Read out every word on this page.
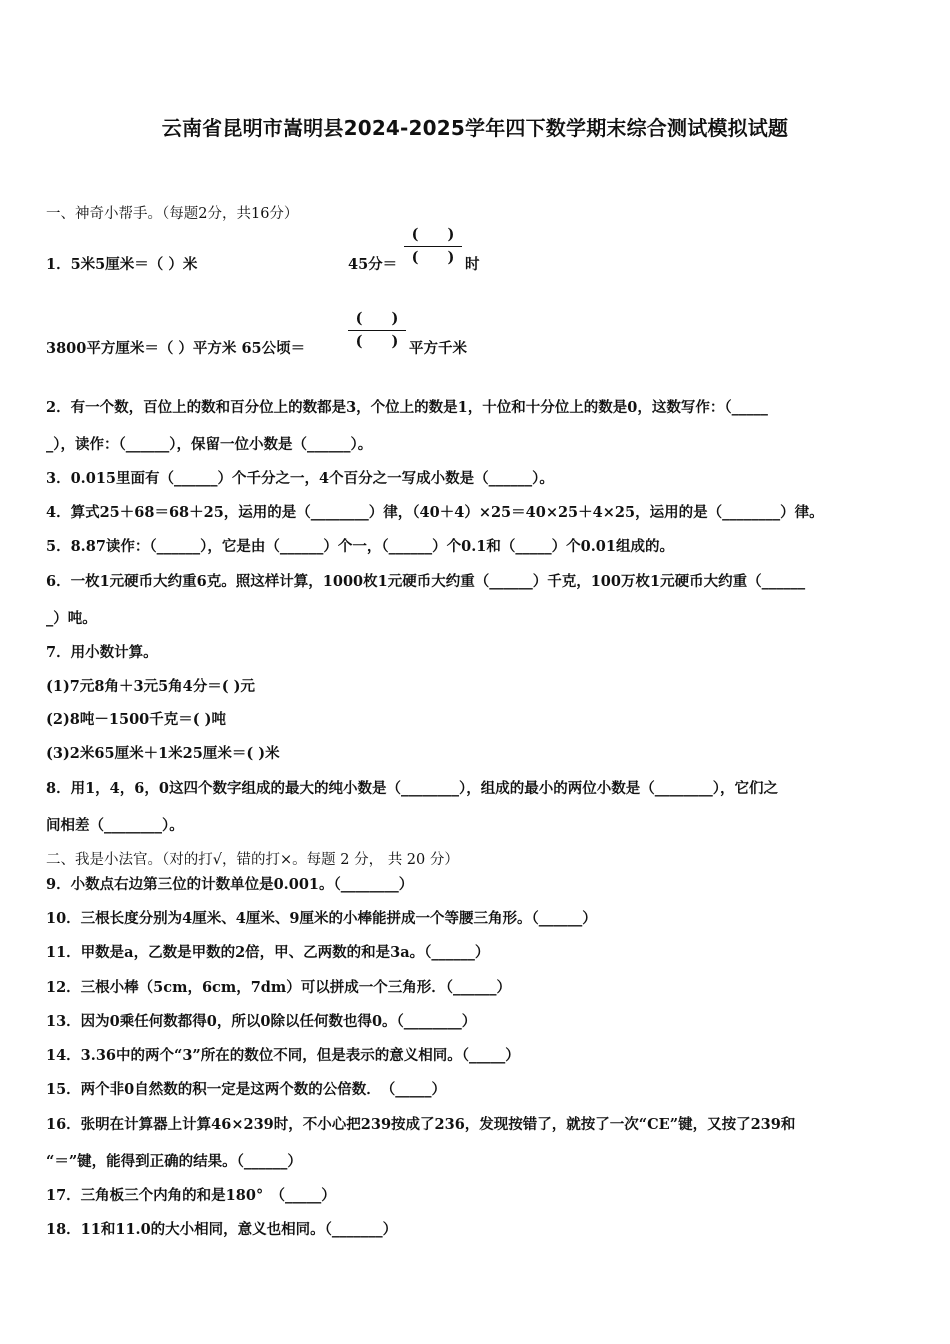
云南省昆明市嵩明县2024-2025学年四下数学期末综合测试模拟试题
一、神奇小帮手。（每题2分，共16分）
1．5米5厘米＝（ ）米	45分＝
(　　)
(　　) 时
3800平方厘米＝（ ）平方米 65公顷＝
(　　)
(　　) 平方千米
2．有一个数，百位上的数和百分位上的数都是3，个位上的数是1，十位和十分位上的数是0，这数写作：（_____
_），读作：（______），保留一位小数是（______）。
3．0.015里面有（______）个千分之一，4个百分之一写成小数是（______）。
4．算式25＋68＝68＋25，运用的是（________）律，（40＋4）×25＝40×25＋4×25，运用的是（________）律。
5．8.87读作：（______），它是由（______）个一，（______）个0.1和（_____）个0.01组成的。
6．一枚1元硬币大约重6克。照这样计算，1000枚1元硬币大约重（______）千克，100万枚1元硬币大约重（______
_）吨。
7．用小数计算。
(1)7元8角＋3元5角4分＝( )元
(2)8吨－1500千克＝( )吨
(3)2米65厘米＋1米25厘米＝( )米
8．用1，4，6，0这四个数字组成的最大的纯小数是（________），组成的最小的两位小数是（________），它们之
间相差（________）。
二、我是小法官。（对的打√，错的打×。每题 2 分， 共 20 分）
9．小数点右边第三位的计数单位是0.001。（________）
10．三根长度分别为4厘米、4厘米、9厘米的小棒能拼成一个等腰三角形。（______）
11．甲数是a，乙数是甲数的2倍，甲、乙两数的和是3a。（______）
12．三根小棒（5cm，6cm，7dm）可以拼成一个三角形．（______）
13．因为0乘任何数都得0，所以0除以任何数也得0。（________）
14．3.36中的两个“3”所在的数位不同，但是表示的意义相同。（_____）
15．两个非0自然数的积一定是这两个数的公倍数．　（_____）
16．张明在计算器上计算46×239时，不小心把239按成了236，发现按错了，就按了一次“CE”键，又按了239和
“＝”键，能得到正确的结果。（______）
17．三角板三个内角的和是180°　（_____）
18．11和11.0的大小相同，意义也相同。（_______）
